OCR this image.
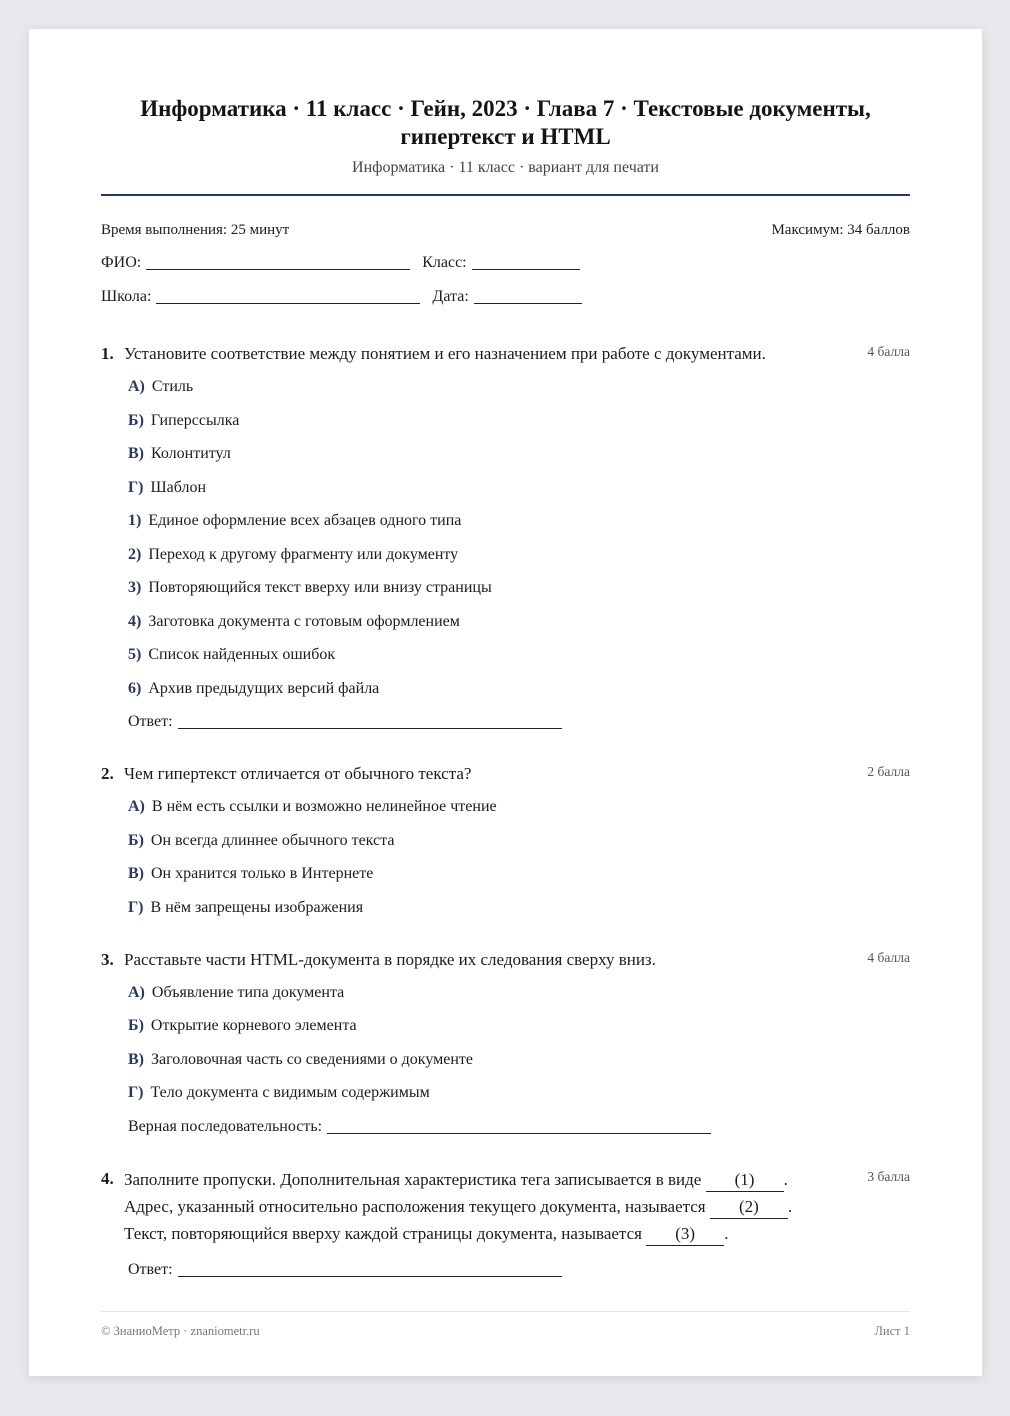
Информатика · 11 класс · Гейн, 2023 · Глава 7 · Текстовые документы,
гипертекст и HTML
Информатика · 11 класс · вариант для печати
Время выполнения: 25 минут	Максимум: 34 баллов
ФИО:	Класс:
Школа:	Дата:
1. Установите соответствие между понятием и его назначением при работе с документами.	4 балла
А) Стиль
Б) Гиперссылка
В) Колонтитул
Г) Шаблон
1) Единое оформление всех абзацев одного типа
2) Переход к другому фрагменту или документу
3) Повторяющийся текст вверху или внизу страницы
4) Заготовка документа с готовым оформлением
5) Список найденных ошибок
6) Архив предыдущих версий файла
Ответ:
2. Чем гипертекст отличается от обычного текста?	2 балла
А) В нём есть ссылки и возможно нелинейное чтение
Б) Он всегда длиннее обычного текста
В) Он хранится только в Интернете
Г) В нём запрещены изображения
3. Расставьте части HTML-документа в порядке их следования сверху вниз.	4 балла
А) Объявление типа документа
Б) Открытие корневого элемента
В) Заголовочная часть со сведениями о документе
Г) Тело документа с видимым содержимым
Верная последовательность:
3 балла
4. Заполните пропуски. Дополнительная характеристика тега записывается в виде (1) .
Адрес, указанный относительно расположения текущего документа, называется (2) .
Текст, повторяющийся вверху каждой страницы документа, называется (3) .
Ответ:
© ЗнаниоМетр · znaniometr.ru	Лист 1
